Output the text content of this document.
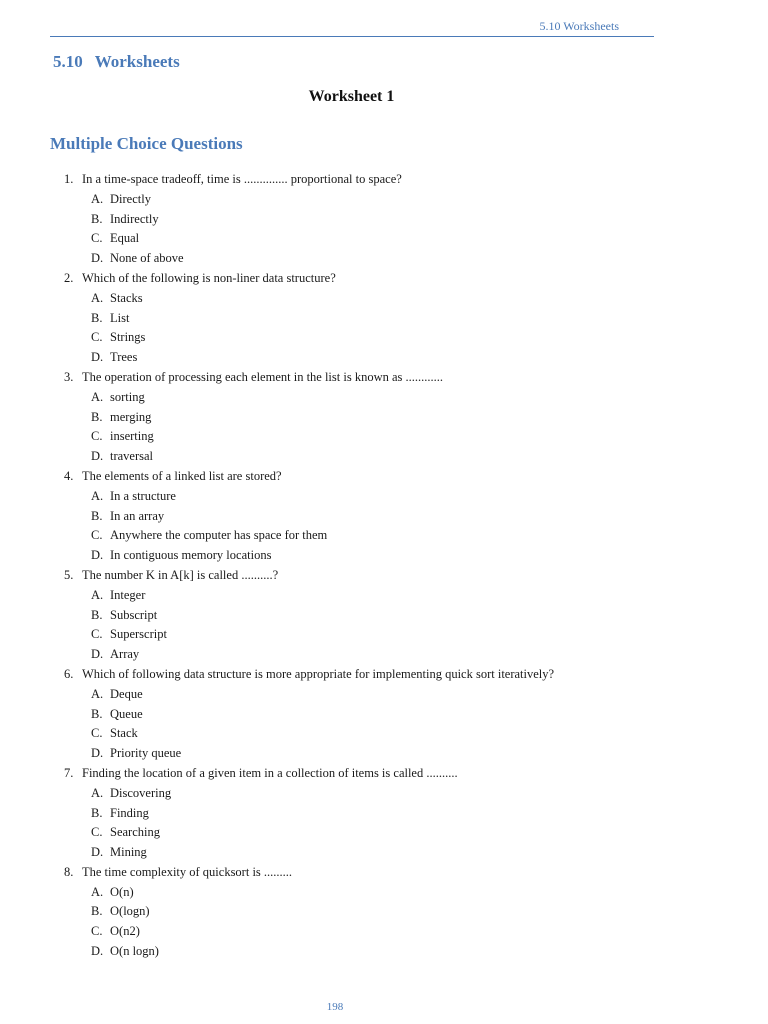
5.10 Worksheets
5.10 Worksheets
Worksheet 1
Multiple Choice Questions
1. In a time-space tradeoff, time is .............. proportional to space?
A. Directly
B. Indirectly
C. Equal
D. None of above
2. Which of the following is non-liner data structure?
A. Stacks
B. List
C. Strings
D. Trees
3. The operation of processing each element in the list is known as ............
A. sorting
B. merging
C. inserting
D. traversal
4. The elements of a linked list are stored?
A. In a structure
B. In an array
C. Anywhere the computer has space for them
D. In contiguous memory locations
5. The number K in A[k] is called ..........?
A. Integer
B. Subscript
C. Superscript
D. Array
6. Which of following data structure is more appropriate for implementing quick sort iteratively?
A. Deque
B. Queue
C. Stack
D. Priority queue
7. Finding the location of a given item in a collection of items is called ..........
A. Discovering
B. Finding
C. Searching
D. Mining
8. The time complexity of quicksort is .........
A. O(n)
B. O(logn)
C. O(n2)
D. O(n logn)
198
